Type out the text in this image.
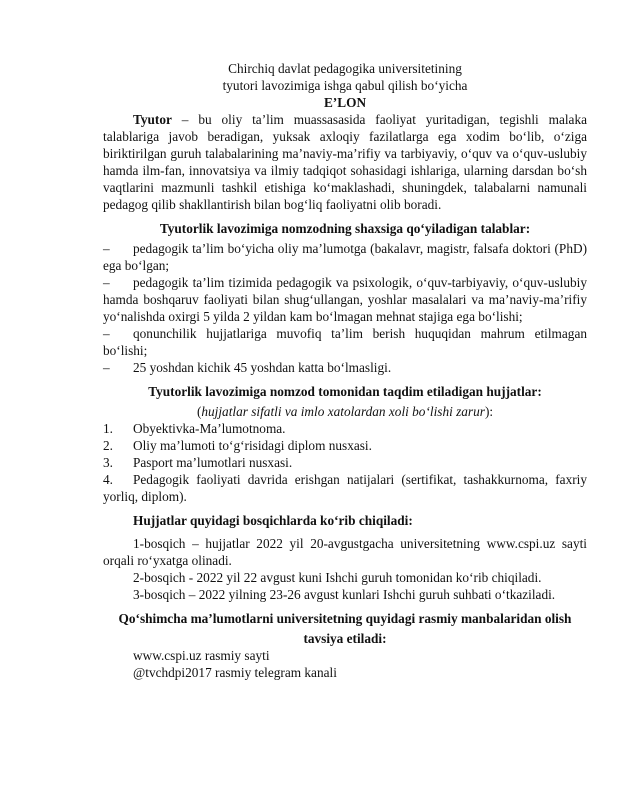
Chirchiq davlat pedagogika universitetining
tyutori lavozimiga ishga qabul qilish bo‘yicha
E’LON
Tyutor – bu oliy ta’lim muassasasida faoliyat yuritadigan, tegishli malaka talablariga javob beradigan, yuksak axloqiy fazilatlarga ega xodim bo‘lib, o‘ziga biriktirilgan guruh talabalarining ma’naviy-ma’rifiy va tarbiyaviy, o‘quv va o‘quv-uslubiy hamda ilm-fan, innovatsiya va ilmiy tadqiqot sohasidagi ishlariga, ularning darsdan bo‘sh vaqtlarini mazmunli tashkil etishiga ko‘maklashadi, shuningdek, talabalarni namunali pedagog qilib shakllantirish bilan bog‘liq faoliyatni olib boradi.
Tyutorlik lavozimiga nomzodning shaxsiga qo‘yiladigan talablar:
– pedagogik ta’lim bo‘yicha oliy ma’lumotga (bakalavr, magistr, falsafa doktori (PhD) ega bo‘lgan;
– pedagogik ta’lim tizimida pedagogik va psixologik, o‘quv-tarbiyaviy, o‘quv-uslubiy hamda boshqaruv faoliyati bilan shug‘ullangan, yoshlar masalalari va ma’naviy-ma’rifiy yo‘nalishda oxirgi 5 yilda 2 yildan kam bo‘lmagan mehnat stajiga ega bo‘lishi;
– qonunchilik hujjatlariga muvofiq ta’lim berish huquqidan mahrum etilmagan bo‘lishi;
– 25 yoshdan kichik 45 yoshdan katta bo‘lmasligi.
Tyutorlik lavozimiga nomzod tomonidan taqdim etiladigan hujjatlar:
(hujjatlar sifatli va imlo xatolardan xoli bo‘lishi zarur):
1. Obyektivka-Ma’lumotnoma.
2. Oliy ma’lumoti to‘g‘risidagi diplom nusxasi.
3. Pasport ma’lumotlari nusxasi.
4. Pedagogik faoliyati davrida erishgan natijalari (sertifikat, tashakkurnoma, faxriy yorliq, diplom).
Hujjatlar quyidagi bosqichlarda ko‘rib chiqiladi:
1-bosqich – hujjatlar 2022 yil 20-avgustgacha universitetning www.cspi.uz sayti orqali ro‘yxatga olinadi.
2-bosqich - 2022 yil 22 avgust kuni Ishchi guruh tomonidan ko‘rib chiqiladi.
3-bosqich – 2022 yilning 23-26 avgust kunlari Ishchi guruh suhbati o‘tkaziladi.
Qo‘shimcha ma’lumotlarni universitetning quyidagi rasmiy manbalaridan olish
tavsiya etiladi:
www.cspi.uz rasmiy sayti
@tvchdpi2017 rasmiy telegram kanali
